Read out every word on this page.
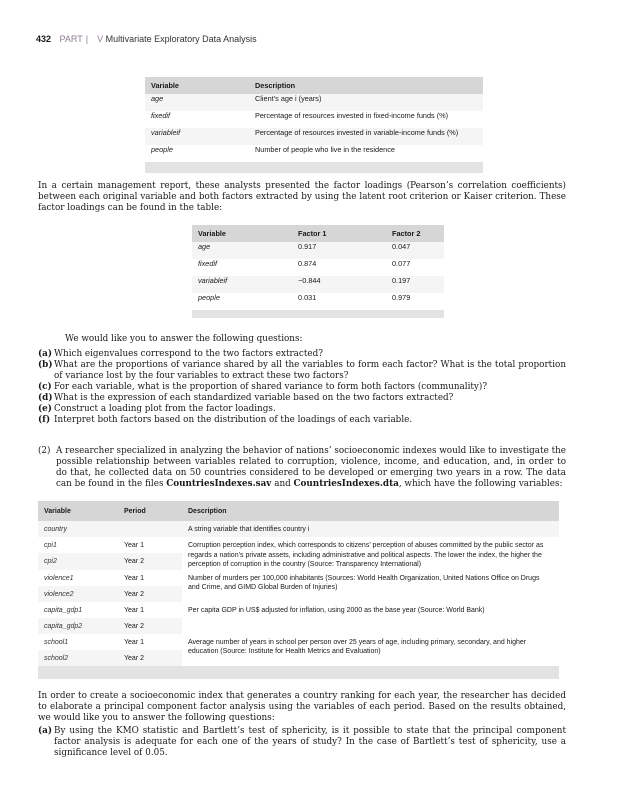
432 PART | V Multivariate Exploratory Data Analysis
Variable	Description
age	Client’s age i (years)
fixedif	Percentage of resources invested in fixed-income funds (%)
variableif	Percentage of resources invested in variable-income funds (%)
people	Number of people who live in the residence

In a certain management report, these analysts presented the factor loadings (Pearson’s correlation coefficients) between each original variable and both factors extracted by using the latent root criterion or Kaiser criterion. These factor loadings can be found in the table:

Variable	Factor 1	Factor 2
age	0.917	0.047
fixedif	0.874	0.077
variableif	−0.844	0.197
people	0.031	0.979

We would like you to answer the following questions:

(a) Which eigenvalues correspond to the two factors extracted?
(b) What are the proportions of variance shared by all the variables to form each factor? What is the total proportion of variance lost by the four variables to extract these two factors?
(c) For each variable, what is the proportion of shared variance to form both factors (communality)?
(d) What is the expression of each standardized variable based on the two factors extracted?
(e) Construct a loading plot from the factor loadings.
(f) Interpret both factors based on the distribution of the loadings of each variable.
(2) A researcher specialized in analyzing the behavior of nations’ socioeconomic indexes would like to investigate the possible relationship between variables related to corruption, violence, income, and education, and, in order to do that, he collected data on 50 countries considered to be developed or emerging two years in a row. The data can be found in the files CountriesIndexes.sav and CountriesIndexes.dta, which have the following variables:
Variable	Period	Description
country		A string variable that identifies country i
cpi1	Year 1	Corruption perception index, which corresponds to citizens’ perception of abuses committed by the public sector as regards a nation’s private assets, including administrative and political aspects. The lower the index, the higher the perception of corruption in the country (Source: Transparency International)
cpi2	Year 2	
violence1	Year 1	Number of murders per 100,000 inhabitants (Sources: World Health Organization, United Nations Office on Drugs and Crime, and GIMD Global Burden of Injuries)
violence2	Year 2	
capita_gdp1	Year 1	Per capita GDP in US$ adjusted for inflation, using 2000 as the base year (Source: World Bank)
capita_gdp2	Year 2	
school1	Year 1	Average number of years in school per person over 25 years of age, including primary, secondary, and higher education (Source: Institute for Health Metrics and Evaluation)
school2	Year 2	

In order to create a socioeconomic index that generates a country ranking for each year, the researcher has decided to elaborate a principal component factor analysis using the variables of each period. Based on the results obtained, we would like you to answer the following questions:

(a) By using the KMO statistic and Bartlett’s test of sphericity, is it possible to state that the principal component factor analysis is adequate for each one of the years of study? In the case of Bartlett’s test of sphericity, use a significance level of 0.05.
